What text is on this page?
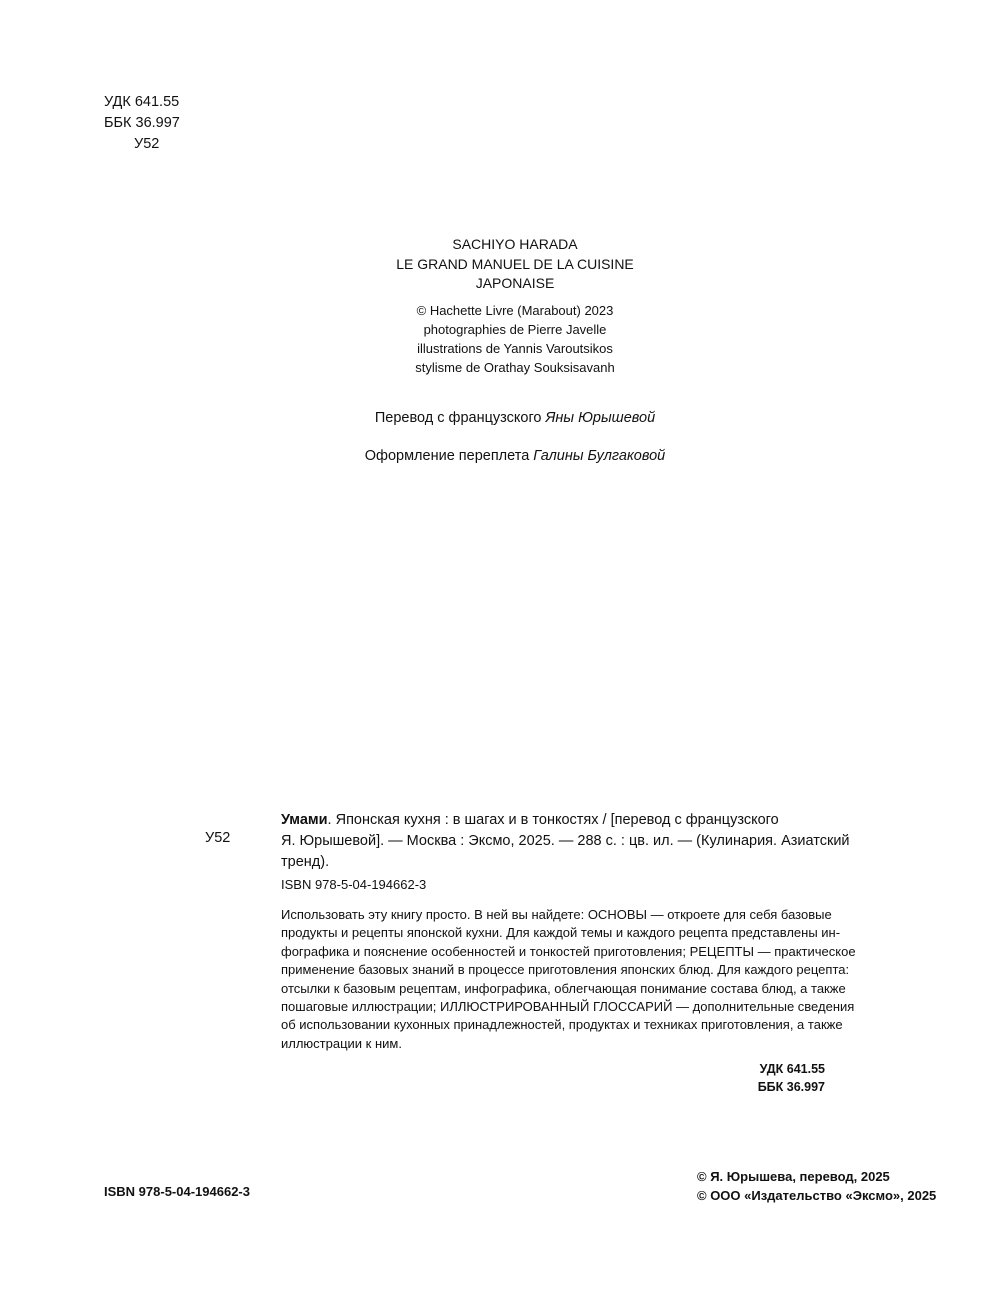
УДК 641.55
ББК 36.997
У52
SACHIYO HARADA
LE GRAND MANUEL DE LA CUISINE
JAPONAISE
© Hachette Livre (Marabout) 2023
photographies de Pierre Javelle
illustrations de Yannis Varoutsikos
stylisme de Orathay Souksisavanh
Перевод с французского Яны Юрышевой
Оформление переплета Галины Булгаковой
У52
Умами. Японская кухня : в шагах и в тонкостях / [перевод с французского
Я. Юрышевой]. — Москва : Эксмо, 2025. — 288 с. : цв. ил. — (Кулинария. Азиатский
тренд).
ISBN 978-5-04-194662-3
Использовать эту книгу просто. В ней вы найдете: ОСНОВЫ — откроете для себя базовые
продукты и рецепты японской кухни. Для каждой темы и каждого рецепта представлены ин-
фографика и пояснение особенностей и тонкостей приготовления; РЕЦЕПТЫ — практическое
применение базовых знаний в процессе приготовления японских блюд. Для каждого рецепта:
отсылки к базовым рецептам, инфографика, облегчающая понимание состава блюд, а также
пошаговые иллюстрации; ИЛЛЮСТРИРОВАННЫЙ ГЛОССАРИЙ — дополнительные сведения
об использовании кухонных принадлежностей, продуктах и техниках приготовления, а также
иллюстрации к ним.
УДК 641.55
ББК 36.997
ISBN 978-5-04-194662-3
© Я. Юрышева, перевод, 2025
© ООО «Издательство «Эксмо», 2025
